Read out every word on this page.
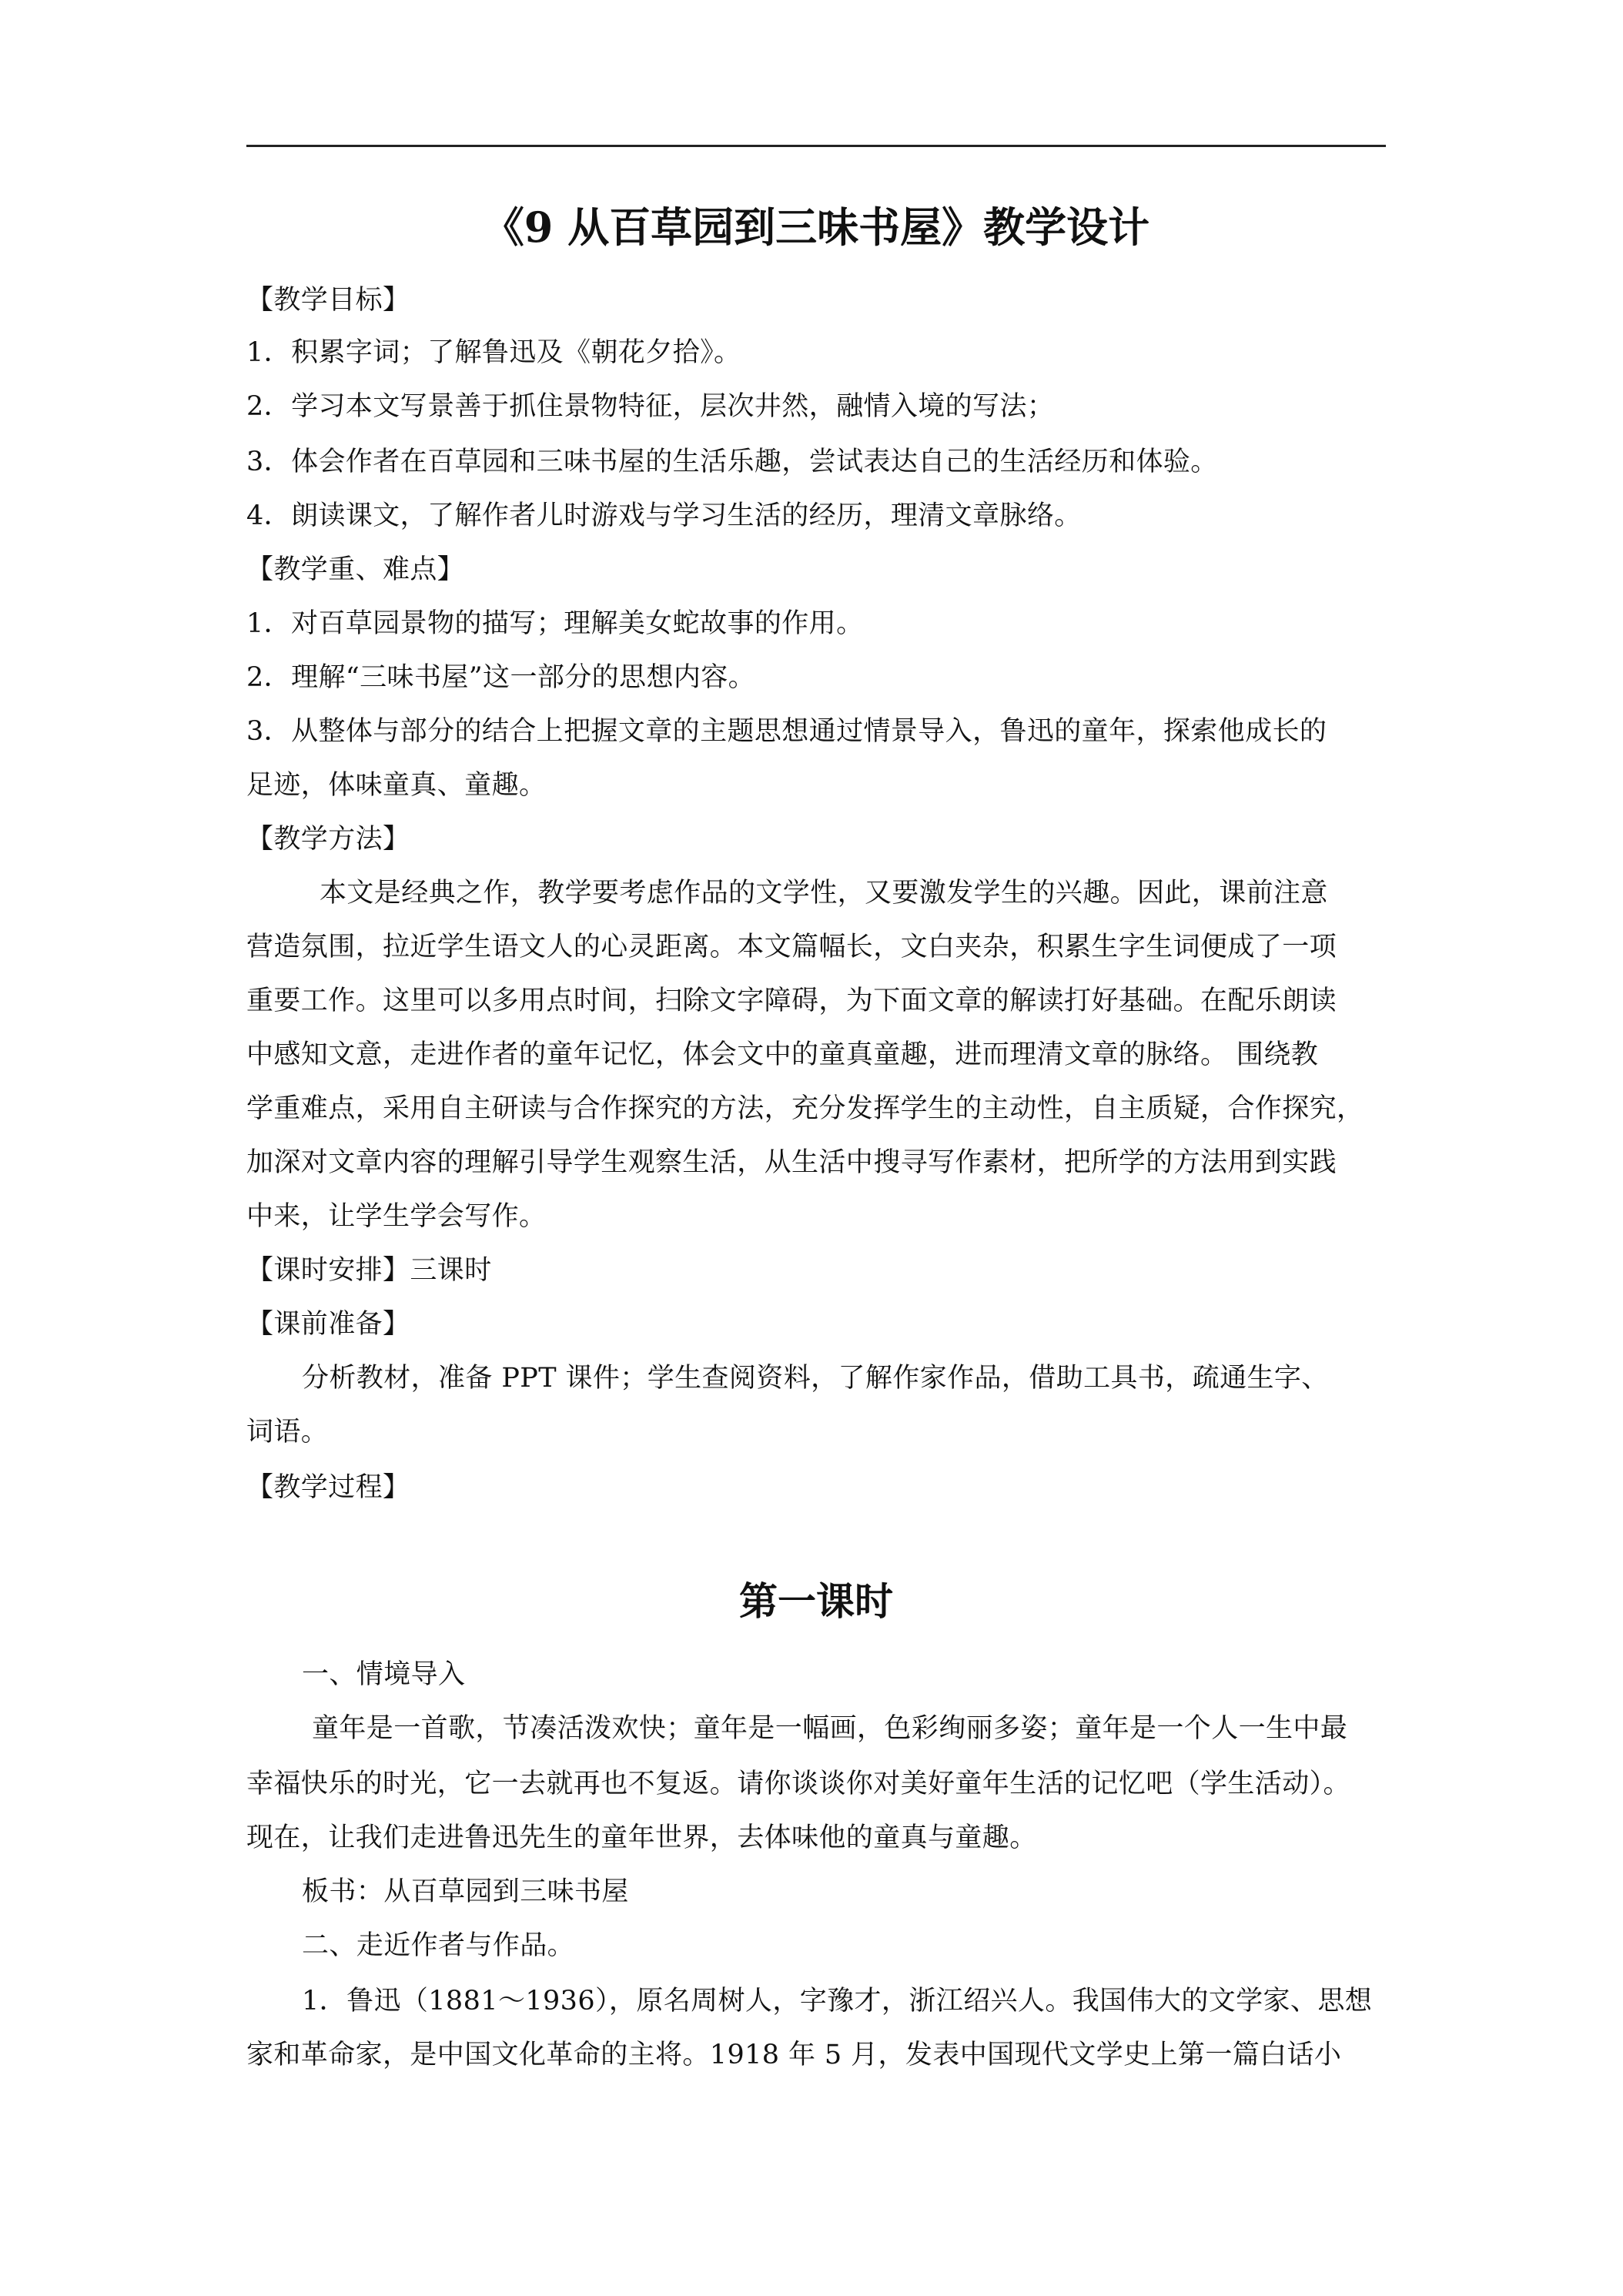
《9 从百草园到三味书屋》教学设计
【教学目标】
1．积累字词；了解鲁迅及《朝花夕拾》。
2．学习本文写景善于抓住景物特征，层次井然，融情入境的写法；
3．体会作者在百草园和三味书屋的生活乐趣，尝试表达自己的生活经历和体验。
4．朗读课文，了解作者儿时游戏与学习生活的经历，理清文章脉络。
【教学重、难点】
1．对百草园景物的描写；理解美女蛇故事的作用。
2．理解“三味书屋”这一部分的思想内容。
3．从整体与部分的结合上把握文章的主题思想通过情景导入，鲁迅的童年，探索他成长的
足迹，体味童真、童趣。
【教学方法】
本文是经典之作，教学要考虑作品的文学性，又要激发学生的兴趣。因此，课前注意
营造氛围，拉近学生语文人的心灵距离。本文篇幅长，文白夹杂，积累生字生词便成了一项
重要工作。这里可以多用点时间，扫除文字障碍，为下面文章的解读打好基础。在配乐朗读
中感知文意，走进作者的童年记忆，体会文中的童真童趣，进而理清文章的脉络。 围绕教
学重难点，采用自主研读与合作探究的方法，充分发挥学生的主动性，自主质疑，合作探究，
加深对文章内容的理解引导学生观察生活，从生活中搜寻写作素材，把所学的方法用到实践
中来，让学生学会写作。
【课时安排】三课时
【课前准备】
分析教材，准备 PPT 课件；学生查阅资料，了解作家作品，借助工具书，疏通生字、
词语。
【教学过程】
第一课时
一、情境导入
童年是一首歌，节凑活泼欢快；童年是一幅画，色彩绚丽多姿；童年是一个人一生中最
幸福快乐的时光，它一去就再也不复返。请你谈谈你对美好童年生活的记忆吧（学生活动）。
现在，让我们走进鲁迅先生的童年世界，去体味他的童真与童趣。
板书：从百草园到三味书屋
二、走近作者与作品。
1．鲁迅（1881～1936），原名周树人，字豫才，浙江绍兴人。我国伟大的文学家、思想
家和革命家，是中国文化革命的主将。1918 年 5 月，发表中国现代文学史上第一篇白话小
